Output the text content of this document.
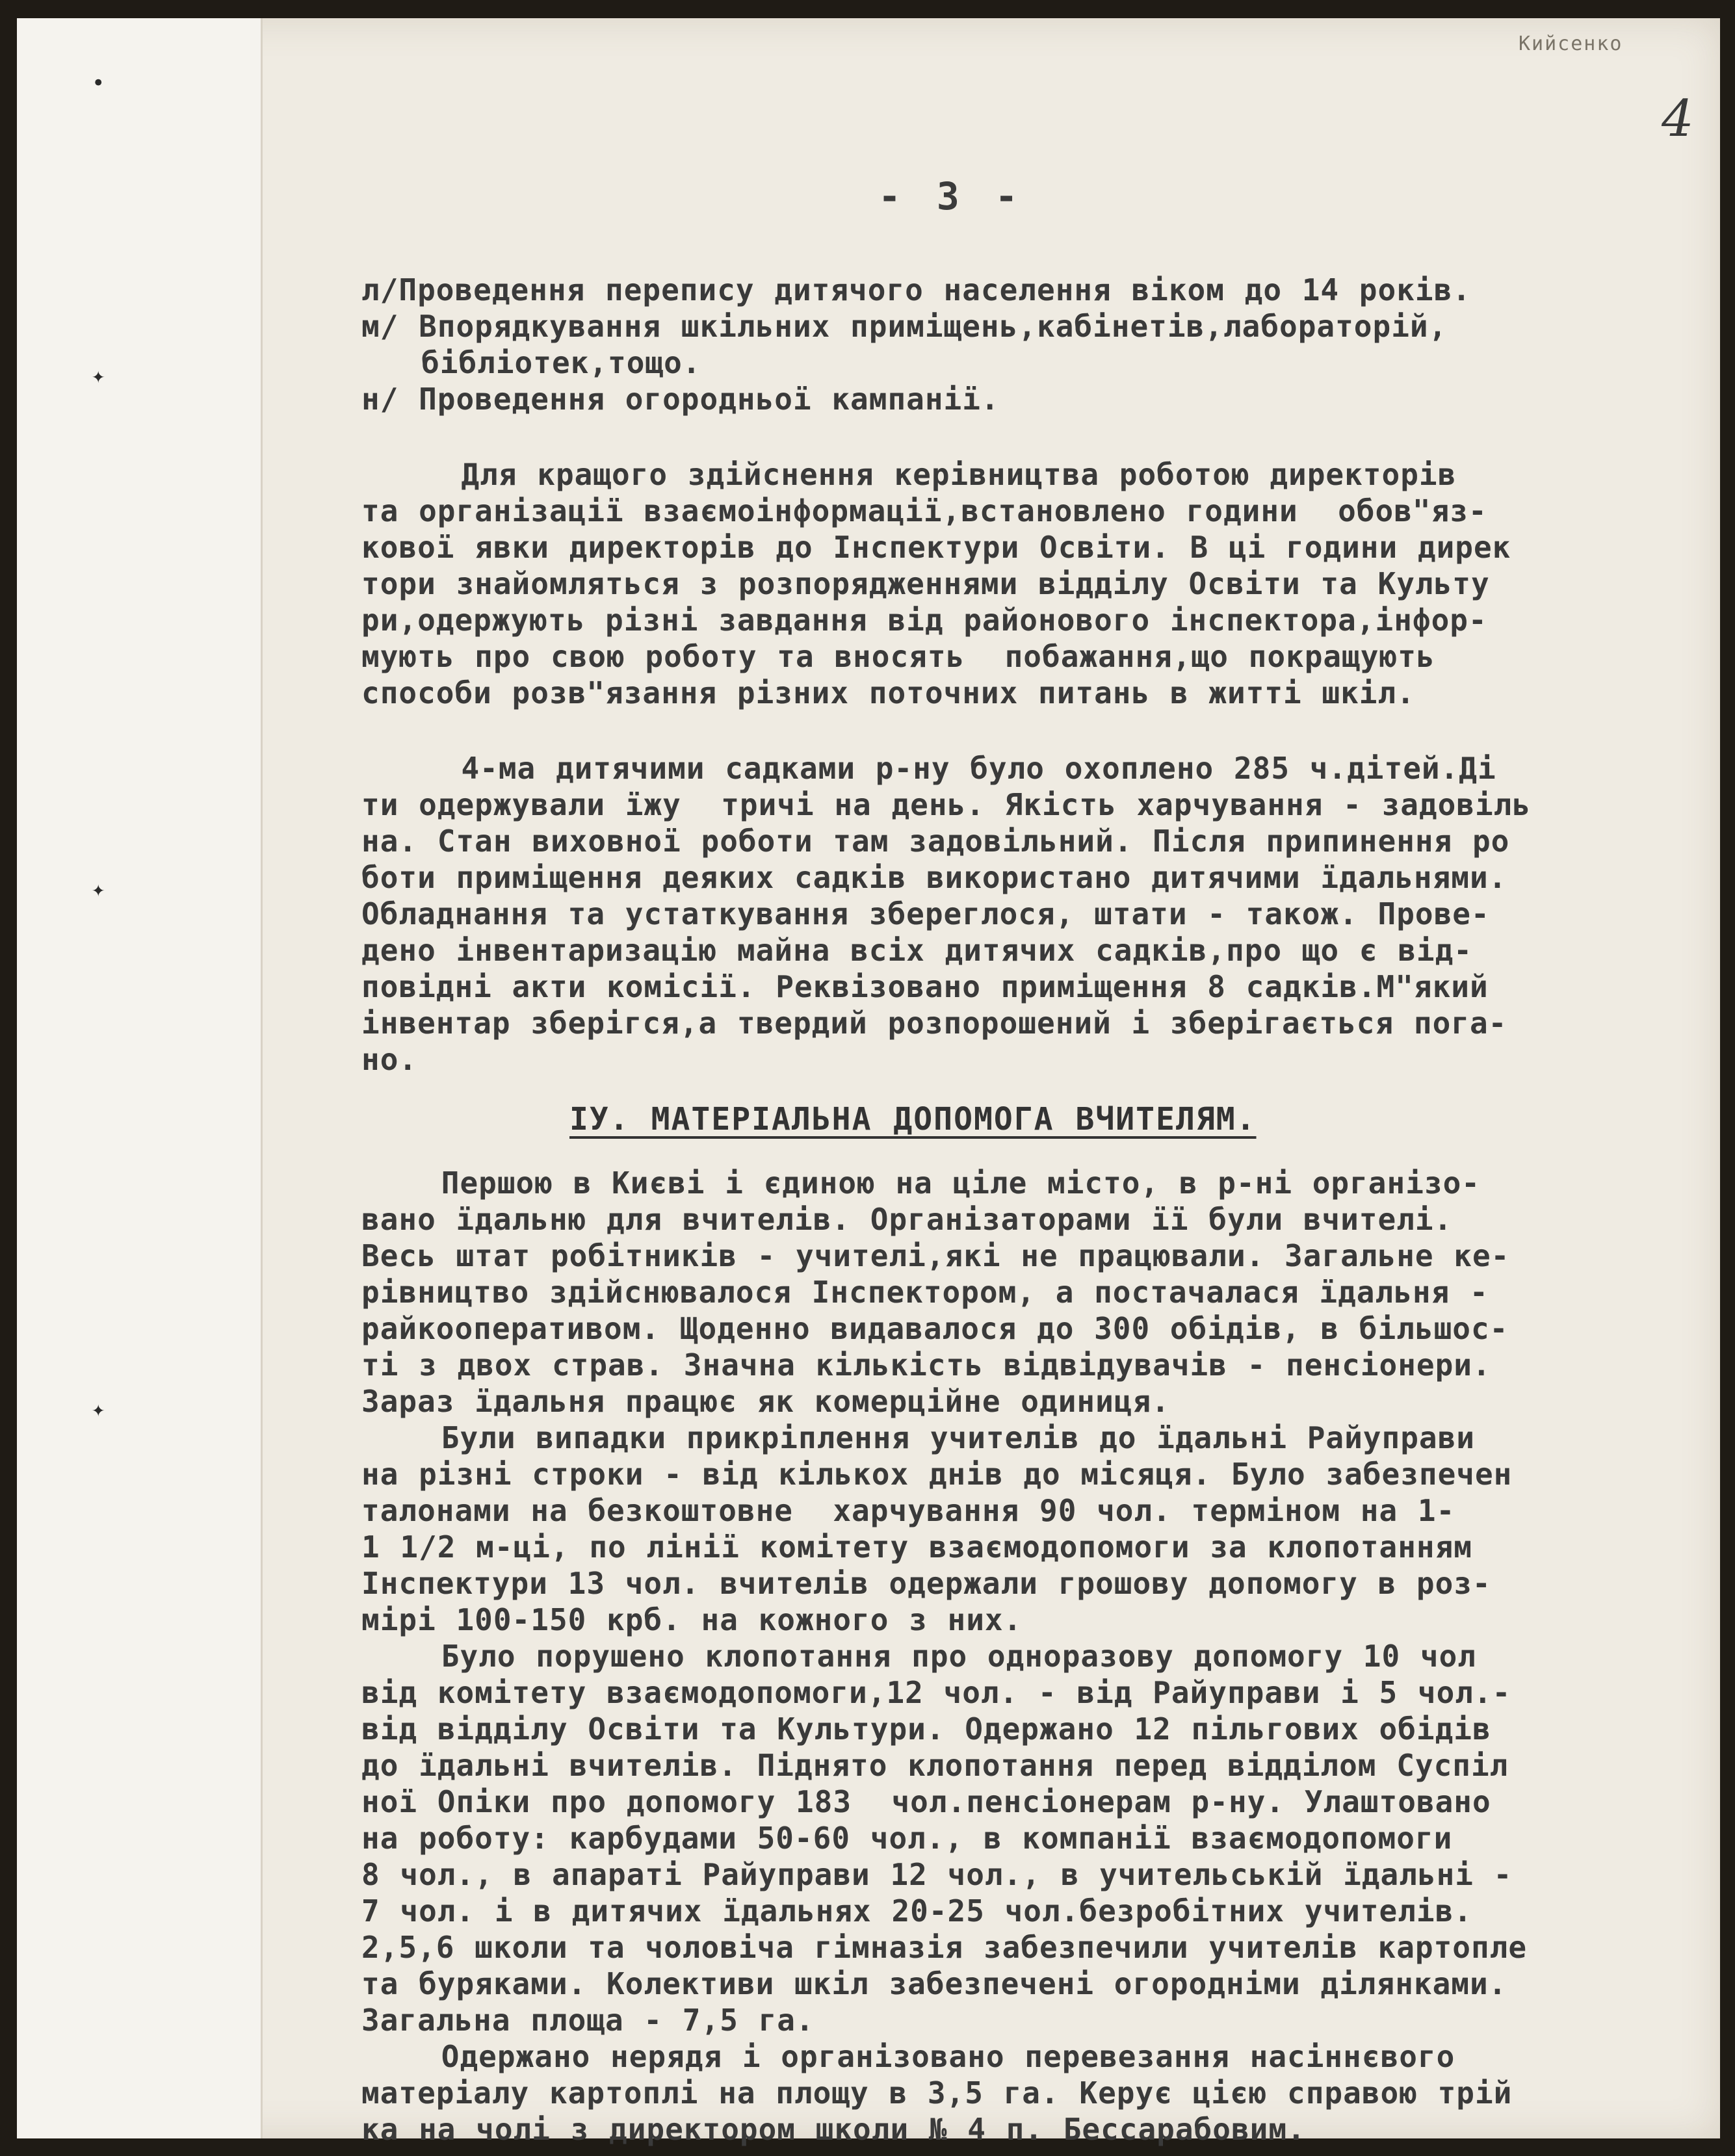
•
✦
✦
✦
Кийсенко
4
- 3 -
л/Проведення перепису дитячого населення віком до 14 років.
м/ Впорядкування шкільних приміщень,кабінетів,лабораторій,
бібліотек,тощо.
н/ Проведення огородньої кампанії.
Для кращого здійснення керівництва роботою директорів
та організації взаємоінформації,встановлено години  обов"яз-
кової явки директорів до Інспектури Освіти. В ці години дирек
тори знайомляться з розпорядженнями відділу Освіти та Культу
ри,одержують різні завдання від районового інспектора,інфор-
мують про свою роботу та вносять  побажання,що покращують
способи розв"язання різних поточних питань в житті шкіл.
4-ма дитячими садками р-ну було охоплено 285 ч.дітей.Ді
ти одержували їжу  тричі на день. Якість харчування - задовіль
на. Стан виховної роботи там задовільний. Після припинення ро
боти приміщення деяких садків використано дитячими їдальнями.
Обладнання та устаткування збереглося, штати - також. Прове-
дено інвентаризацію майна всіх дитячих садків,про що є від-
повідні акти комісії. Реквізовано приміщення 8 садків.М"який
інвентар зберігся,а твердий розпорошений і зберігається пога-
но.
IУ. МАТЕРІАЛЬНА ДОПОМОГА ВЧИТЕЛЯМ.
Першою в Києві і єдиною на ціле місто, в р-ні організо-
вано їдальню для вчителів. Організаторами її були вчителі.
Весь штат робітників - учителі,які не працювали. Загальне ке-
рівництво здійснювалося Інспектором, а постачалася їдальня -
райкооперативом. Щоденно видавалося до 300 обідів, в більшос-
ті з двох страв. Значна кількість відвідувачів - пенсіонери.
Зараз їдальня працює як комерційне одиниця.
Були випадки прикріплення учителів до їдальні Райуправи
на різні строки - від кількох днів до місяця. Було забезпечен
талонами на безкоштовне  харчування 90 чол. терміном на 1-
1 1/2 м-ці, по лінії комітету взаємодопомоги за клопотанням
Інспектури 13 чол. вчителів одержали грошову допомогу в роз-
мірі 100-150 крб. на кожного з них.
Було порушено клопотання про одноразову допомогу 10 чол
від комітету взаємодопомоги,12 чол. - від Райуправи і 5 чол.-
від відділу Освіти та Культури. Одержано 12 пільгових обідів
до їдальні вчителів. Піднято клопотання перед відділом Суспіл
ної Опіки про допомогу 183  чол.пенсіонерам р-ну. Улаштовано
на роботу: карбудами 50-60 чол., в компанії взаємодопомоги
8 чол., в апараті Райуправи 12 чол., в учительській їдальні -
7 чол. і в дитячих їдальнях 20-25 чол.безробітних учителів.
2,5,6 школи та чоловіча гімназія забезпечили учителів картопле
та буряками. Колективи шкіл забезпечені огородніми ділянками.
Загальна площа - 7,5 га.
Одержано нерядя і організовано перевезання насіннєвого
матеріалу картоплі на площу в 3,5 га. Керує цією справою трій
ка на чолі з директором школи № 4 п. Бессарабовим.
